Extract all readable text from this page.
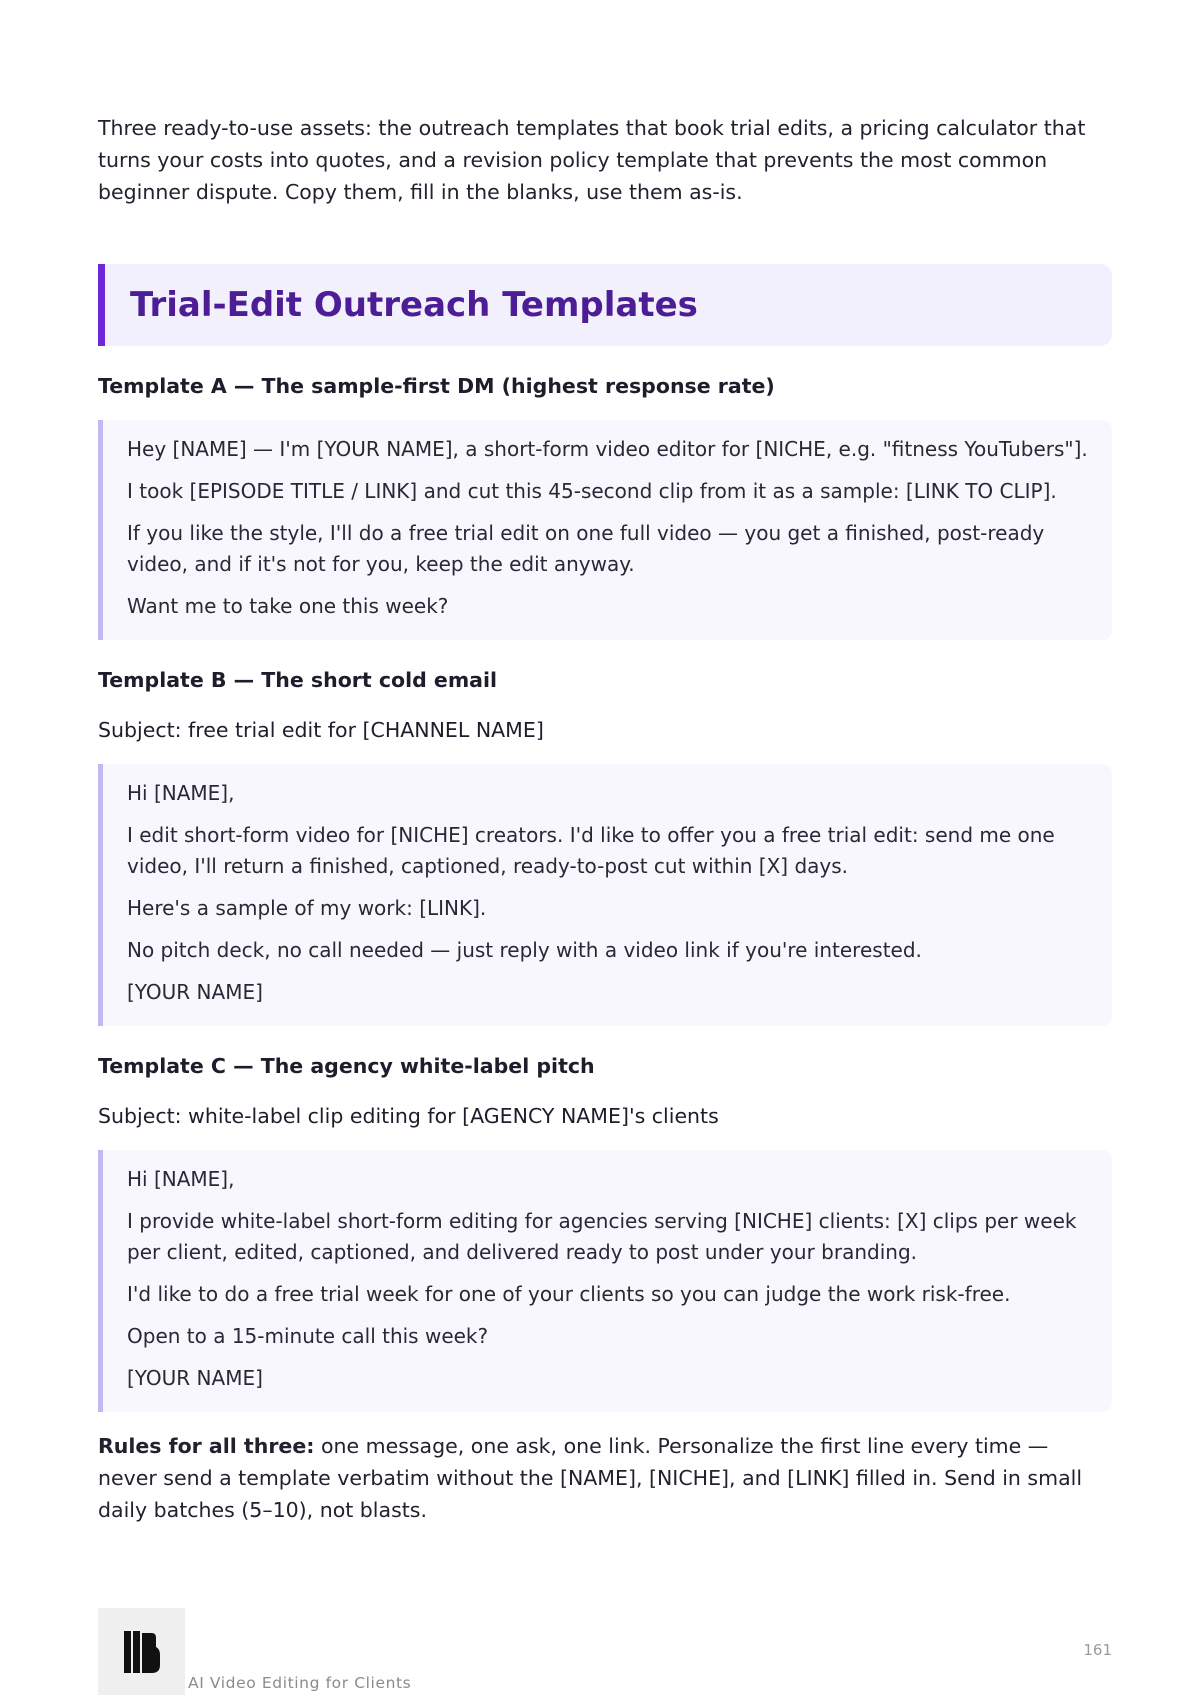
Three ready-to-use assets: the outreach templates that book trial edits, a pricing calculator that turns your costs into quotes, and a revision policy template that prevents the most common beginner dispute. Copy them, fill in the blanks, use them as-is.

Trial-Edit Outreach Templates

Template A — The sample-first DM (highest response rate)

Hey [NAME] — I'm [YOUR NAME], a short-form video editor for [NICHE, e.g. "fitness YouTubers"].

I took [EPISODE TITLE / LINK] and cut this 45-second clip from it as a sample: [LINK TO CLIP].

If you like the style, I'll do a free trial edit on one full video — you get a finished, post-ready video, and if it's not for you, keep the edit anyway.

Want me to take one this week?

Template B — The short cold email

Subject: free trial edit for [CHANNEL NAME]

Hi [NAME],

I edit short-form video for [NICHE] creators. I'd like to offer you a free trial edit: send me one video, I'll return a finished, captioned, ready-to-post cut within [X] days.

Here's a sample of my work: [LINK].

No pitch deck, no call needed — just reply with a video link if you're interested.

[YOUR NAME]

Template C — The agency white-label pitch

Subject: white-label clip editing for [AGENCY NAME]'s clients

Hi [NAME],

I provide white-label short-form editing for agencies serving [NICHE] clients: [X] clips per week per client, edited, captioned, and delivered ready to post under your branding.

I'd like to do a free trial week for one of your clients so you can judge the work risk-free.

Open to a 15-minute call this week?

[YOUR NAME]

Rules for all three: one message, one ask, one link. Personalize the first line every time — never send a template verbatim without the [NAME], [NICHE], and [LINK] filled in. Send in small daily batches (5–10), not blasts.

AI Video Editing for Clients
161
